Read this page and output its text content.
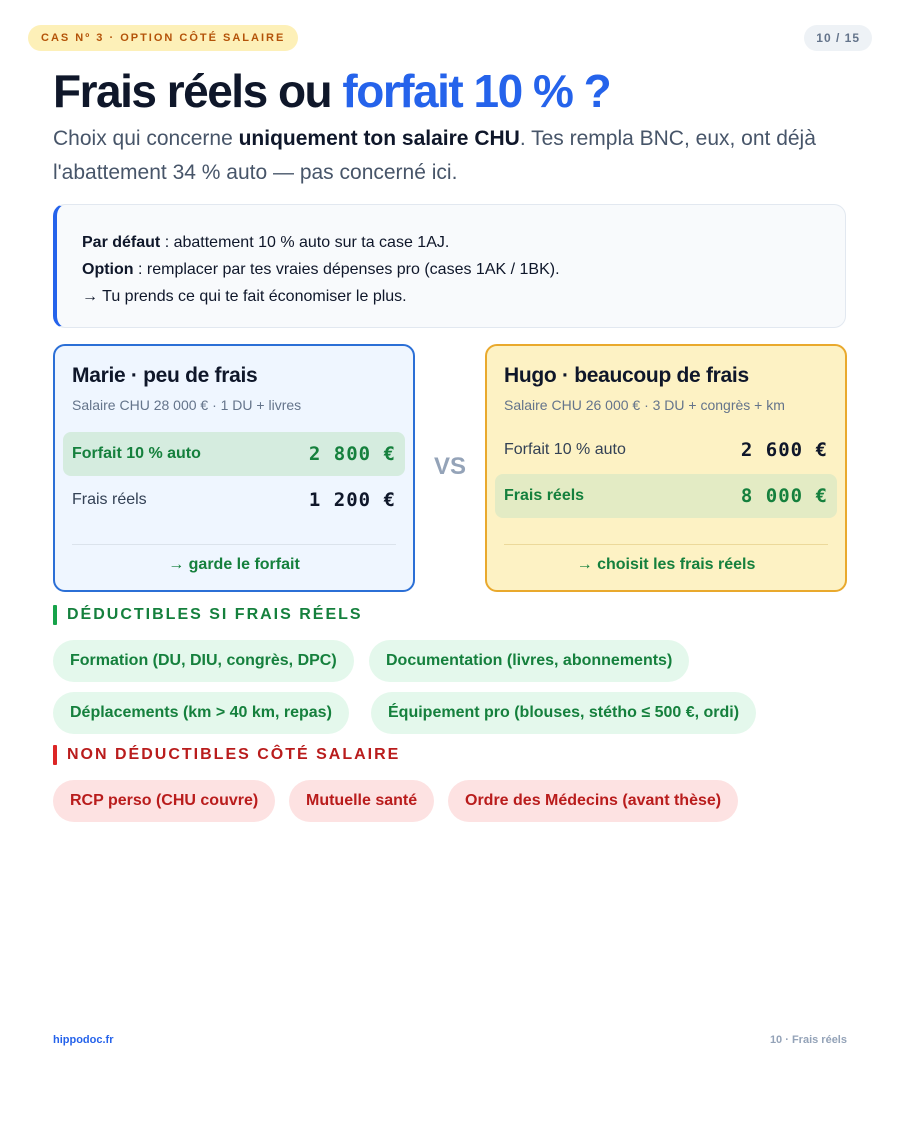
CAS Nº 3 · OPTION CÔTÉ SALAIRE	10 / 15
Frais réels ou forfait 10 % ?

Choix qui concerne uniquement ton salaire CHU. Tes rempla BNC, eux, ont déjà l'abattement 34 % auto — pas concerné ici.

Par défaut : abattement 10 % auto sur ta case 1AJ.
Option : remplacer par tes vraies dépenses pro (cases 1AK / 1BK).
→ Tu prends ce qui te fait économiser le plus.
Marie · peu de frais
Salaire CHU 28 000 € · 1 DU + livres
Forfait 10 % auto	2 800 €
Frais réels	1 200 €
→ garde le forfait
VS
Hugo · beaucoup de frais
Salaire CHU 26 000 € · 3 DU + congrès + km
Forfait 10 % auto	2 600 €
Frais réels	8 000 €
→ choisit les frais réels
DÉDUCTIBLES SI FRAIS RÉELS
Formation (DU, DIU, congrès, DPC)	Documentation (livres, abonnements)
Déplacements (km > 40 km, repas)	Équipement pro (blouses, stétho ≤ 500 €, ordi)
NON DÉDUCTIBLES CÔTÉ SALAIRE
RCP perso (CHU couvre)	Mutuelle santé	Ordre des Médecins (avant thèse)
hippodoc.fr	10 · Frais réels
